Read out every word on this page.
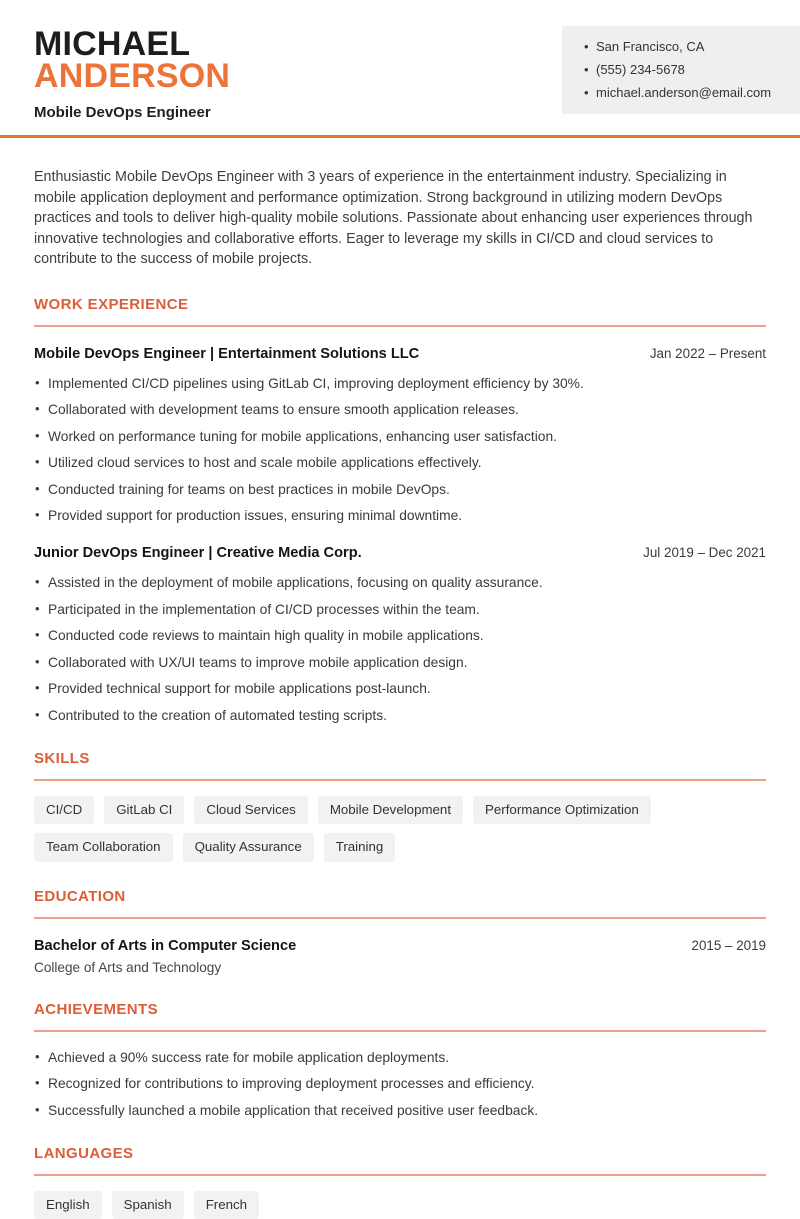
MICHAEL
ANDERSON
Mobile DevOps Engineer
• San Francisco, CA
• (555) 234-5678
• michael.anderson@email.com

Enthusiastic Mobile DevOps Engineer with 3 years of experience in the entertainment industry. Specializing in mobile application deployment and performance optimization. Strong background in utilizing modern DevOps practices and tools to deliver high-quality mobile solutions. Passionate about enhancing user experiences through innovative technologies and collaborative efforts. Eager to leverage my skills in CI/CD and cloud services to contribute to the success of mobile projects.

WORK EXPERIENCE
Mobile DevOps Engineer | Entertainment Solutions LLC	Jan 2022 – Present
• Implemented CI/CD pipelines using GitLab CI, improving deployment efficiency by 30%.
• Collaborated with development teams to ensure smooth application releases.
• Worked on performance tuning for mobile applications, enhancing user satisfaction.
• Utilized cloud services to host and scale mobile applications effectively.
• Conducted training for teams on best practices in mobile DevOps.
• Provided support for production issues, ensuring minimal downtime.
Junior DevOps Engineer | Creative Media Corp.	Jul 2019 – Dec 2021
• Assisted in the deployment of mobile applications, focusing on quality assurance.
• Participated in the implementation of CI/CD processes within the team.
• Conducted code reviews to maintain high quality in mobile applications.
• Collaborated with UX/UI teams to improve mobile application design.
• Provided technical support for mobile applications post-launch.
• Contributed to the creation of automated testing scripts.
SKILLS
CI/CD	GitLab CI	Cloud Services	Mobile Development	Performance Optimization
Team Collaboration	Quality Assurance	Training
EDUCATION
Bachelor of Arts in Computer Science	2015 – 2019
College of Arts and Technology
ACHIEVEMENTS
• Achieved a 90% success rate for mobile application deployments.
• Recognized for contributions to improving deployment processes and efficiency.
• Successfully launched a mobile application that received positive user feedback.
LANGUAGES
English	Spanish	French
